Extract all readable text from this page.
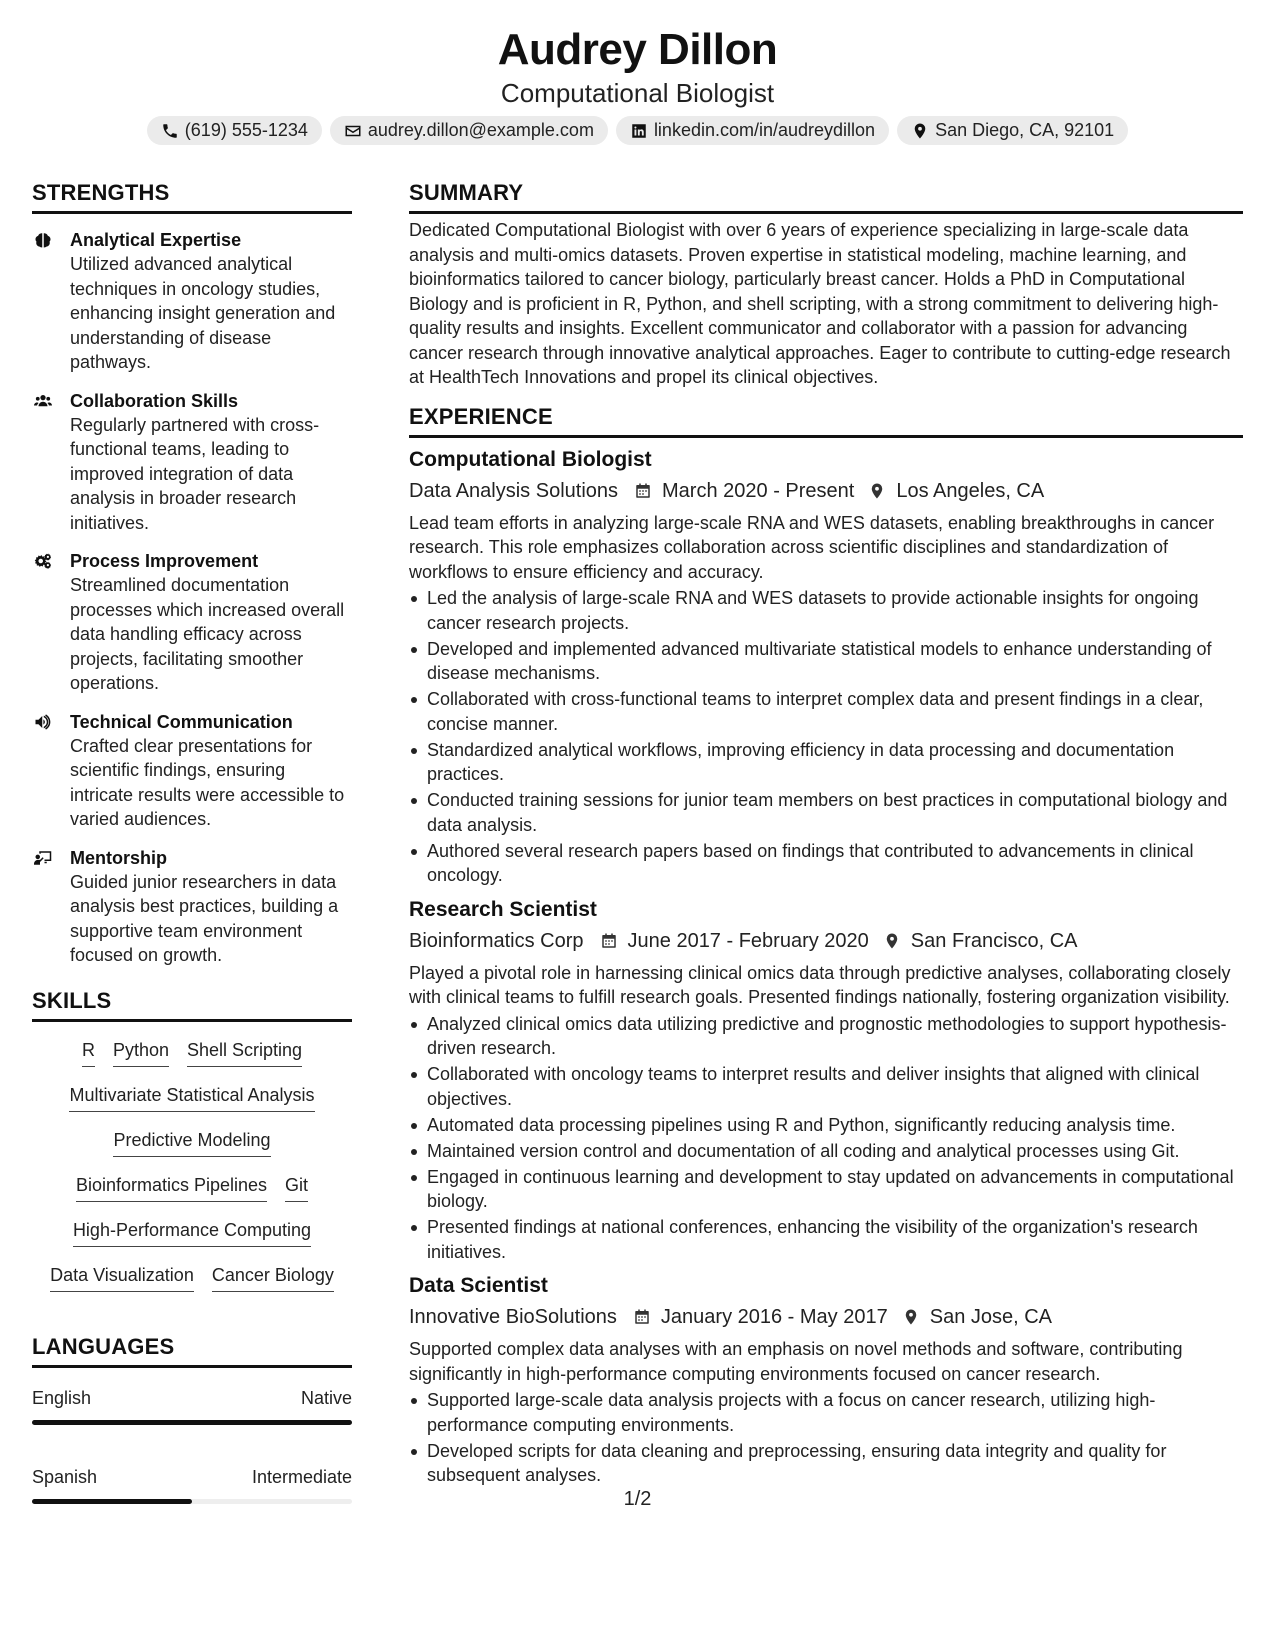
Audrey Dillon
Computational Biologist
(619) 555-1234	audrey.dillon@example.com	linkedin.com/in/audreydillon	San Diego, CA, 92101
STRENGTHS
Analytical Expertise
Utilized advanced analytical techniques in oncology studies, enhancing insight generation and understanding of disease pathways.
Collaboration Skills
Regularly partnered with cross-functional teams, leading to improved integration of data analysis in broader research initiatives.
Process Improvement
Streamlined documentation processes which increased overall data handling efficacy across projects, facilitating smoother operations.
Technical Communication
Crafted clear presentations for scientific findings, ensuring intricate results were accessible to varied audiences.
Mentorship
Guided junior researchers in data analysis best practices, building a supportive team environment focused on growth.
SKILLS
R Python Shell Scripting
Multivariate Statistical Analysis
Predictive Modeling
Bioinformatics Pipelines Git
High-Performance Computing
Data Visualization Cancer Biology
LANGUAGES
English	Native
Spanish	Intermediate
SUMMARY
Dedicated Computational Biologist with over 6 years of experience specializing in large-scale data analysis and multi-omics datasets. Proven expertise in statistical modeling, machine learning, and bioinformatics tailored to cancer biology, particularly breast cancer. Holds a PhD in Computational Biology and is proficient in R, Python, and shell scripting, with a strong commitment to delivering high-quality results and insights. Excellent communicator and collaborator with a passion for advancing cancer research through innovative analytical approaches. Eager to contribute to cutting-edge research at HealthTech Innovations and propel its clinical objectives.
EXPERIENCE
Computational Biologist
Data Analysis Solutions March 2020 - Present Los Angeles, CA
Lead team efforts in analyzing large-scale RNA and WES datasets, enabling breakthroughs in cancer research. This role emphasizes collaboration across scientific disciplines and standardization of workflows to ensure efficiency and accuracy.
Led the analysis of large-scale RNA and WES datasets to provide actionable insights for ongoing cancer research projects.
Developed and implemented advanced multivariate statistical models to enhance understanding of disease mechanisms.
Collaborated with cross-functional teams to interpret complex data and present findings in a clear, concise manner.
Standardized analytical workflows, improving efficiency in data processing and documentation practices.
Conducted training sessions for junior team members on best practices in computational biology and data analysis.
Authored several research papers based on findings that contributed to advancements in clinical oncology.
Research Scientist
Bioinformatics Corp June 2017 - February 2020 San Francisco, CA
Played a pivotal role in harnessing clinical omics data through predictive analyses, collaborating closely with clinical teams to fulfill research goals. Presented findings nationally, fostering organization visibility.
Analyzed clinical omics data utilizing predictive and prognostic methodologies to support hypothesis-driven research.
Collaborated with oncology teams to interpret results and deliver insights that aligned with clinical objectives.
Automated data processing pipelines using R and Python, significantly reducing analysis time.
Maintained version control and documentation of all coding and analytical processes using Git.
Engaged in continuous learning and development to stay updated on advancements in computational biology.
Presented findings at national conferences, enhancing the visibility of the organization's research initiatives.
Data Scientist
Innovative BioSolutions January 2016 - May 2017 San Jose, CA
Supported complex data analyses with an emphasis on novel methods and software, contributing significantly in high-performance computing environments focused on cancer research.
Supported large-scale data analysis projects with a focus on cancer research, utilizing high-performance computing environments.
Developed scripts for data cleaning and preprocessing, ensuring data integrity and quality for subsequent analyses.
1/2
